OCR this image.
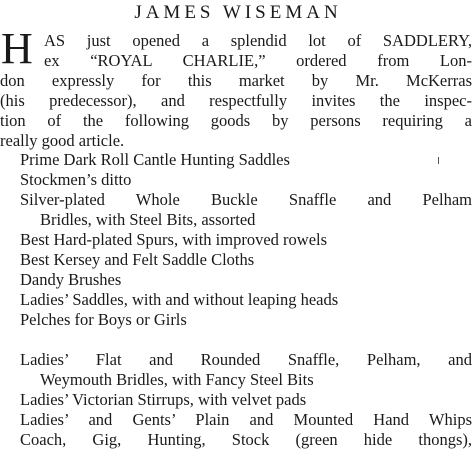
JAMES WISEMAN
H AS just opened a splendid lot of SADDLERY,
ex “ROYAL CHARLIE,” ordered from Lon-
don expressly for this market by Mr. McKerras
(his predecessor), and respectfully invites the inspec-
tion of the following goods by persons requiring a
really good article.
Prime Dark Roll Cantle Hunting Saddles
Stockmen’s ditto
Silver-plated Whole Buckle Snaffle and Pelham
Bridles, with Steel Bits, assorted
Best Hard-plated Spurs, with improved rowels
Best Kersey and Felt Saddle Cloths
Dandy Brushes
Ladies’ Saddles, with and without leaping heads
Pelches for Boys or Girls
Ladies’ Flat and Rounded Snaffle, Pelham, and
Weymouth Bridles, with Fancy Steel Bits
Ladies’ Victorian Stirrups, with velvet pads
Ladies’ and Gents’ Plain and Mounted Hand Whips
Coach, Gig, Hunting, Stock (green hide thongs),
